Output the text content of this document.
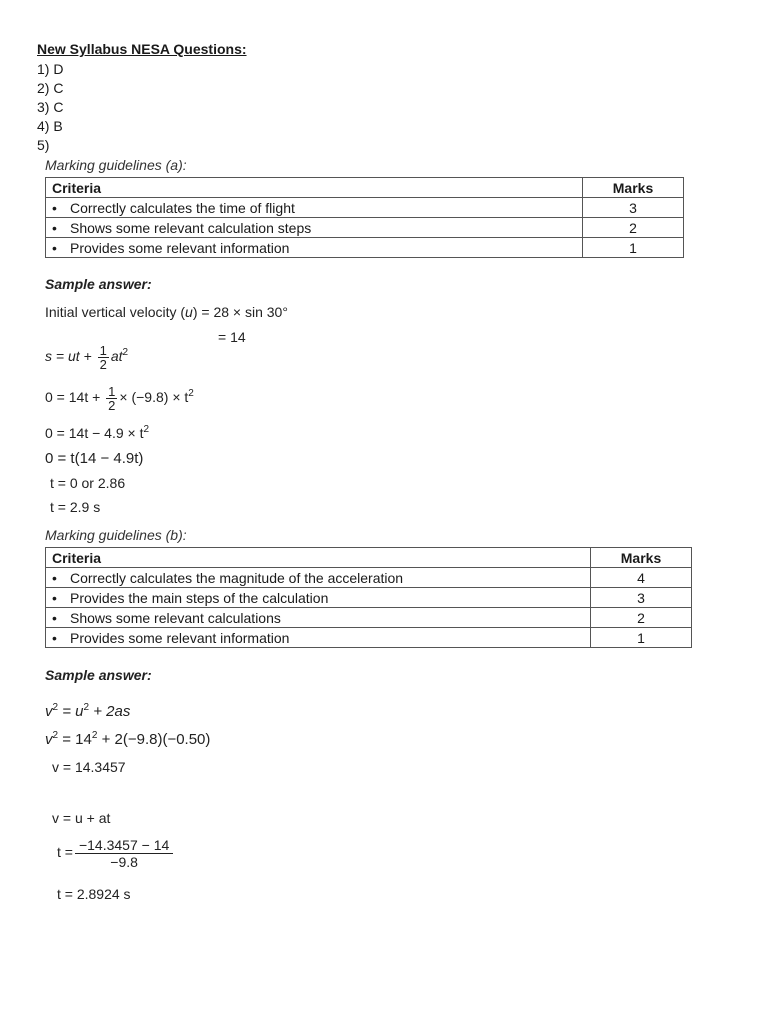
New Syllabus NESA Questions:
1) D
2) C
3) C
4) B
5)
Marking guidelines (a):
Criteria	Marks
• Correctly calculates the time of flight	3
• Shows some relevant calculation steps	2
• Provides some relevant information	1
Sample answer:
Initial vertical velocity (u) = 28 × sin 30°
= 14
s = ut + $\frac{1}{2} at^2$
$0 = 14t + \frac{1}{2} \times (-9.8) \times t^2$
$0 = 14t - 4.9 \times t^2$
0 = t(14 − 4.9t)
t = 0 or 2.86
t = 2.9 s
Marking guidelines (b):
Criteria	Marks
• Correctly calculates the magnitude of the acceleration	4
• Provides the main steps of the calculation	3
• Shows some relevant calculations	2
• Provides some relevant information	1
Sample answer:
$v^2 = u^2 + 2as$
$v^2 = 14^2 + 2(-9.8)(-0.50)$
v = 14.3457
v = u + at
$t = \frac{-14.3457 - 14}{-9.8}$
t = 2.8924 s
